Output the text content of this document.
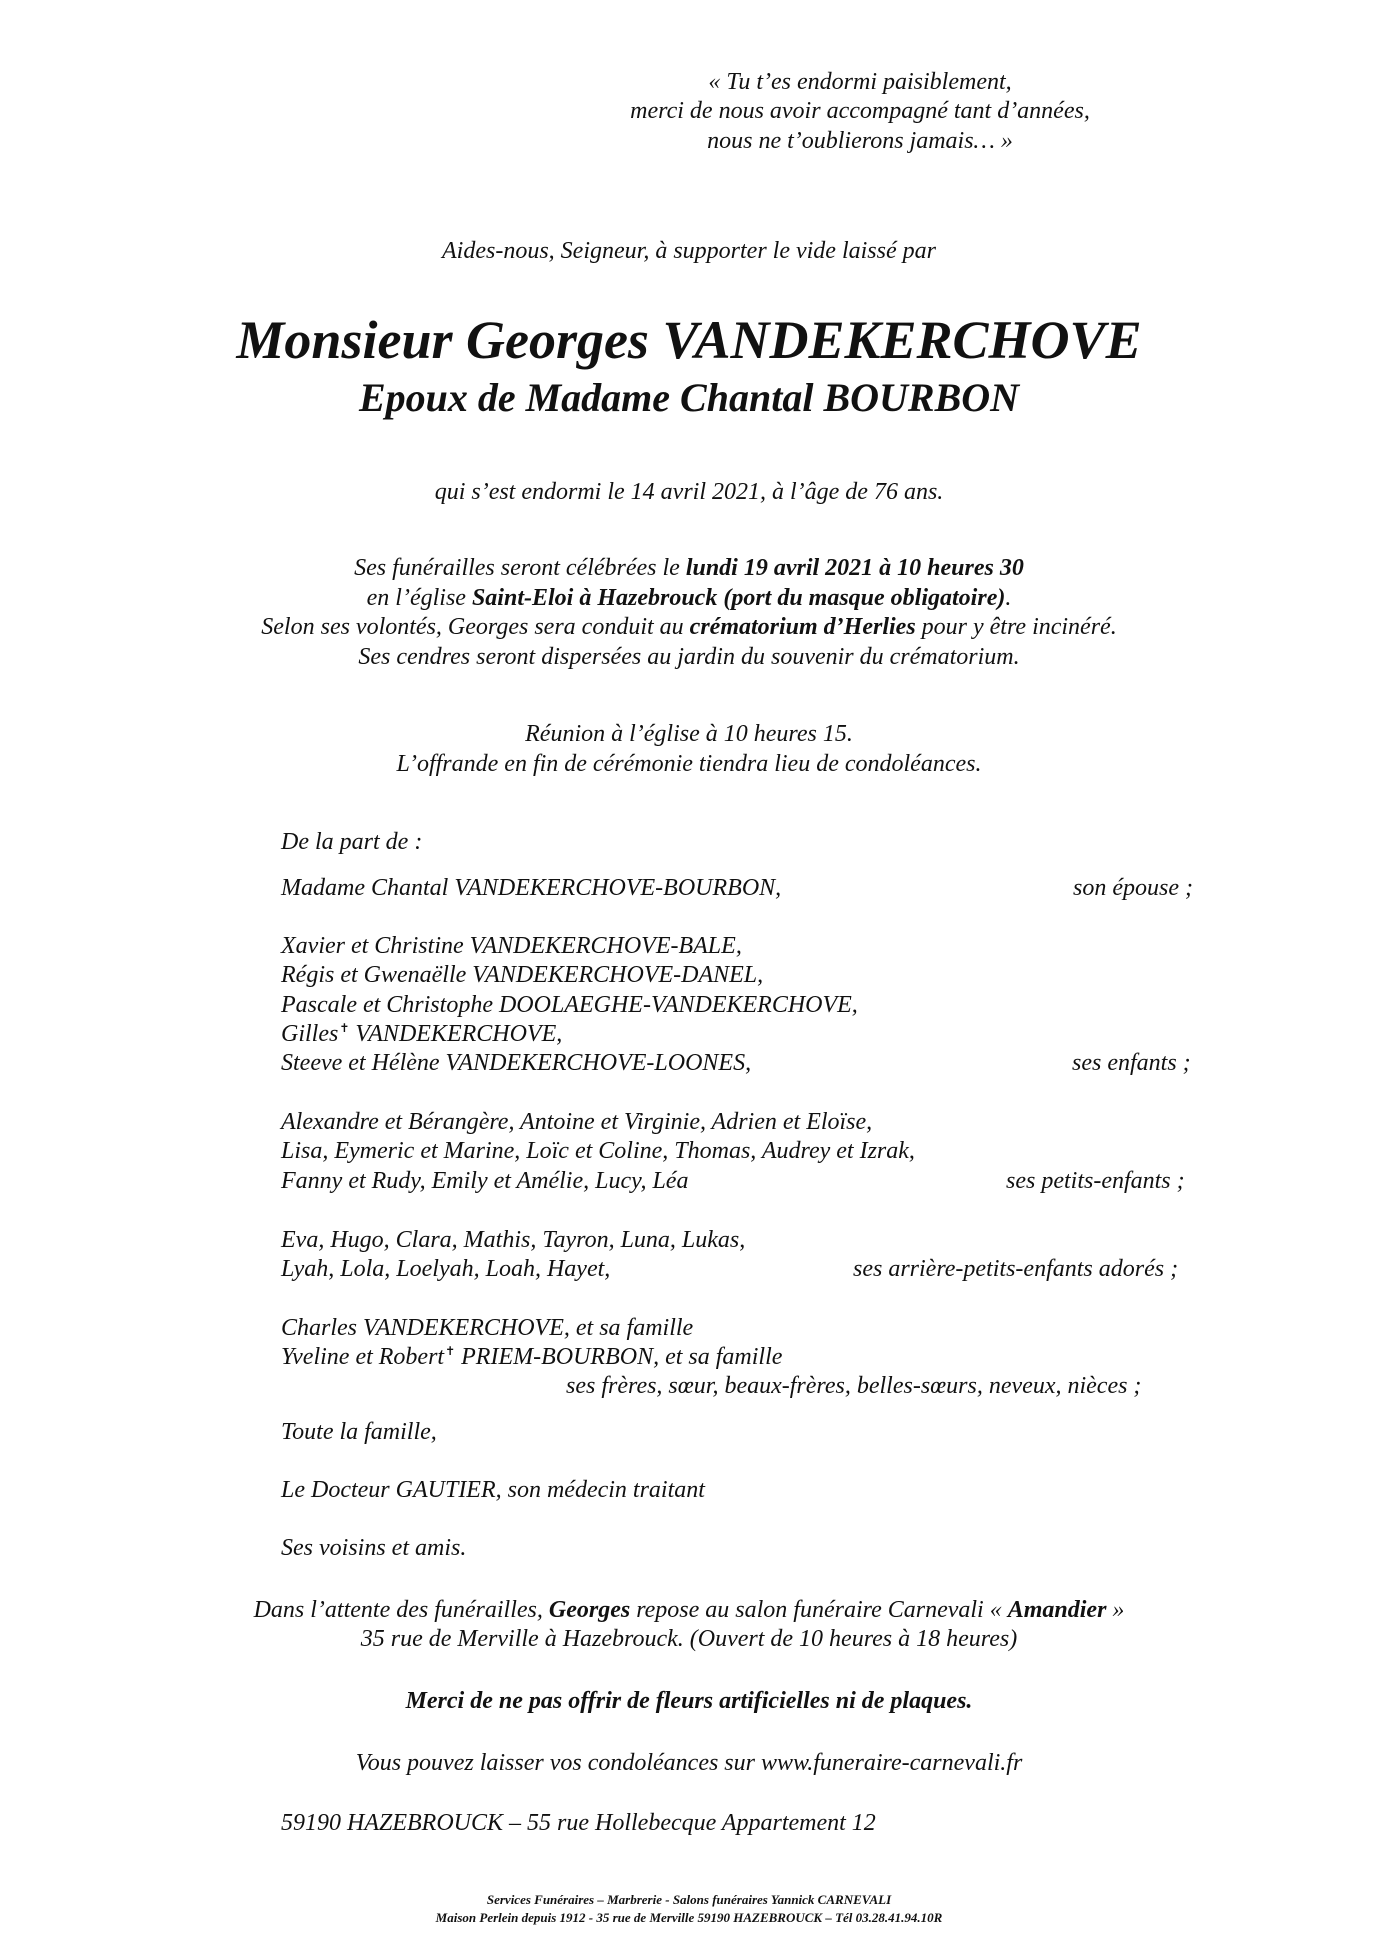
« Tu t’es endormi paisiblement,
merci de nous avoir accompagné tant d’années,
nous ne t’oublierons jamais… »
Aides-nous, Seigneur, à supporter le vide laissé par
Monsieur Georges VANDEKERCHOVE
Epoux de Madame Chantal BOURBON
qui s’est endormi le 14 avril 2021, à l’âge de 76 ans.
Ses funérailles seront célébrées le lundi 19 avril 2021 à 10 heures 30
en l’église Saint-Eloi à Hazebrouck (port du masque obligatoire).
Selon ses volontés, Georges sera conduit au crématorium d’Herlies pour y être incinéré.
Ses cendres seront dispersées au jardin du souvenir du crématorium.
Réunion à l’église à 10 heures 15.
L’offrande en fin de cérémonie tiendra lieu de condoléances.
De la part de :
Madame Chantal VANDEKERCHOVE-BOURBON,	son épouse ;
Xavier et Christine VANDEKERCHOVE-BALE,
Régis et Gwenaëlle VANDEKERCHOVE-DANEL,
Pascale et Christophe DOOLAEGHE-VANDEKERCHOVE,
Gilles✝ VANDEKERCHOVE,
Steeve et Hélène VANDEKERCHOVE-LOONES,	ses enfants ;
Alexandre et Bérangère, Antoine et Virginie, Adrien et Eloïse,
Lisa, Eymeric et Marine, Loïc et Coline, Thomas, Audrey et Izrak,
Fanny et Rudy, Emily et Amélie, Lucy, Léa	ses petits-enfants ;
Eva, Hugo, Clara, Mathis, Tayron, Luna, Lukas,
Lyah, Lola, Loelyah, Loah, Hayet,	ses arrière-petits-enfants adorés ;
Charles VANDEKERCHOVE, et sa famille
Yveline et Robert✝ PRIEM-BOURBON, et sa famille
ses frères, sœur, beaux-frères, belles-sœurs, neveux, nièces ;
Toute la famille,
Le Docteur GAUTIER, son médecin traitant
Ses voisins et amis.
Dans l’attente des funérailles, Georges repose au salon funéraire Carnevali « Amandier »
35 rue de Merville à Hazebrouck. (Ouvert de 10 heures à 18 heures)
Merci de ne pas offrir de fleurs artificielles ni de plaques.
Vous pouvez laisser vos condoléances sur www.funeraire-carnevali.fr
59190 HAZEBROUCK – 55 rue Hollebecque Appartement 12
Services Funéraires – Marbrerie - Salons funéraires Yannick CARNEVALI
Maison Perlein depuis 1912 - 35 rue de Merville 59190 HAZEBROUCK – Tél 03.28.41.94.10R
